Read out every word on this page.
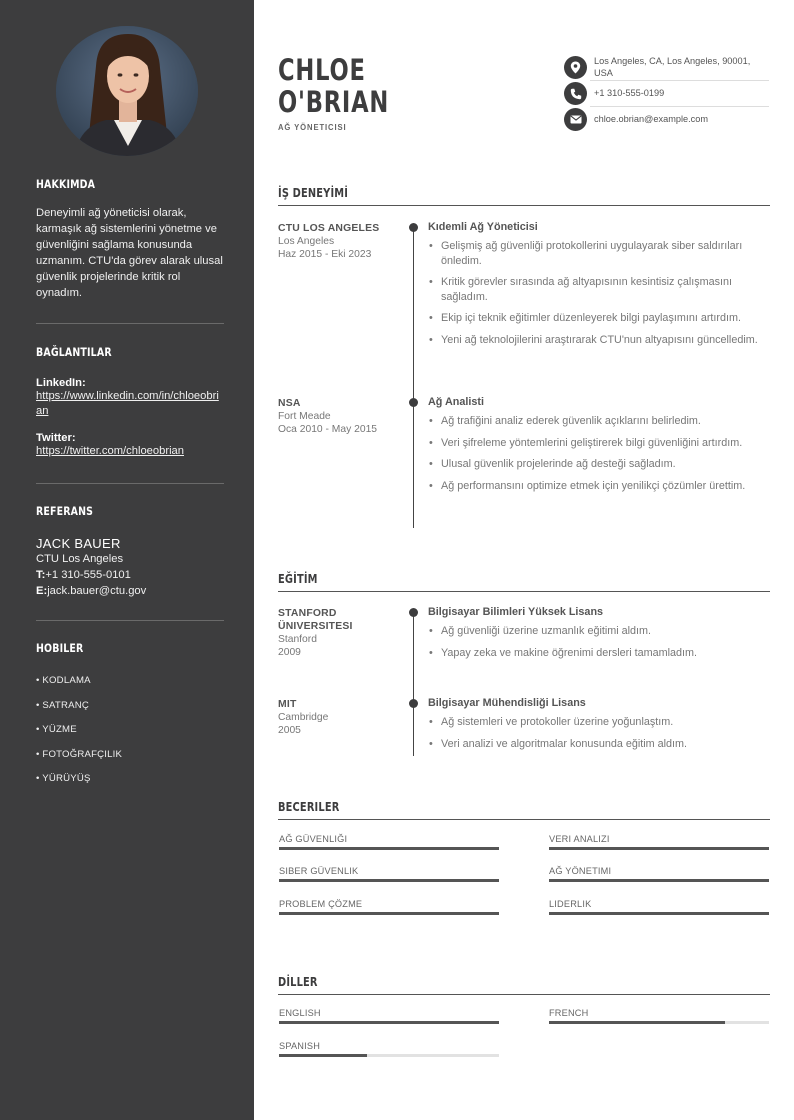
HAKKIMDA
Deneyimli ağ yöneticisi olarak, karmaşık ağ sistemlerini yönetme ve güvenliğini sağlama konusunda uzmanım. CTU'da görev alarak ulusal güvenlik projelerinde kritik rol oynadım.
BAĞLANTILAR
LinkedIn:
https://www.linkedin.com/in/chloeobrian
Twitter:
https://twitter.com/chloeobrian
REFERANS
JACK BAUER
CTU Los Angeles
T:+1 310-555-0101
E:jack.bauer@ctu.gov
HOBILER
• KODLAMA
• SATRANÇ
• YÜZME
• FOTOĞRAFÇILIK
• YÜRÜYÜŞ
CHLOE
O'BRIAN
AĞ YÖNETICISI
Los Angeles, CA, Los Angeles, 90001, USA
+1 310-555-0199
chloe.obrian@example.com
İŞ DENEYİMİ
CTU LOS ANGELES
Los Angeles
Haz 2015 - Eki 2023
Kıdemli Ağ Yöneticisi
• Gelişmiş ağ güvenliği protokollerini uygulayarak siber saldırıları önledim.
• Kritik görevler sırasında ağ altyapısının kesintisiz çalışmasını sağladım.
• Ekip içi teknik eğitimler düzenleyerek bilgi paylaşımını artırdım.
• Yeni ağ teknolojilerini araştırarak CTU'nun altyapısını güncelledim.
NSA
Fort Meade
Oca 2010 - May 2015
Ağ Analisti
• Ağ trafiğini analiz ederek güvenlik açıklarını belirledim.
• Veri şifreleme yöntemlerini geliştirerek bilgi güvenliğini artırdım.
• Ulusal güvenlik projelerinde ağ desteği sağladım.
• Ağ performansını optimize etmek için yenilikçi çözümler ürettim.
EĞİTİM
STANFORD ÜNIVERSITESI
Stanford
2009
Bilgisayar Bilimleri Yüksek Lisans
• Ağ güvenliği üzerine uzmanlık eğitimi aldım.
• Yapay zeka ve makine öğrenimi dersleri tamamladım.
MIT
Cambridge
2005
Bilgisayar Mühendisliği Lisans
• Ağ sistemleri ve protokoller üzerine yoğunlaştım.
• Veri analizi ve algoritmalar konusunda eğitim aldım.
BECERILER
AĞ GÜVENLIĞI	VERI ANALIZI
SIBER GÜVENLIK	AĞ YÖNETIMI
PROBLEM ÇÖZME	LIDERLIK
DİLLER
ENGLISH	FRENCH
SPANISH
